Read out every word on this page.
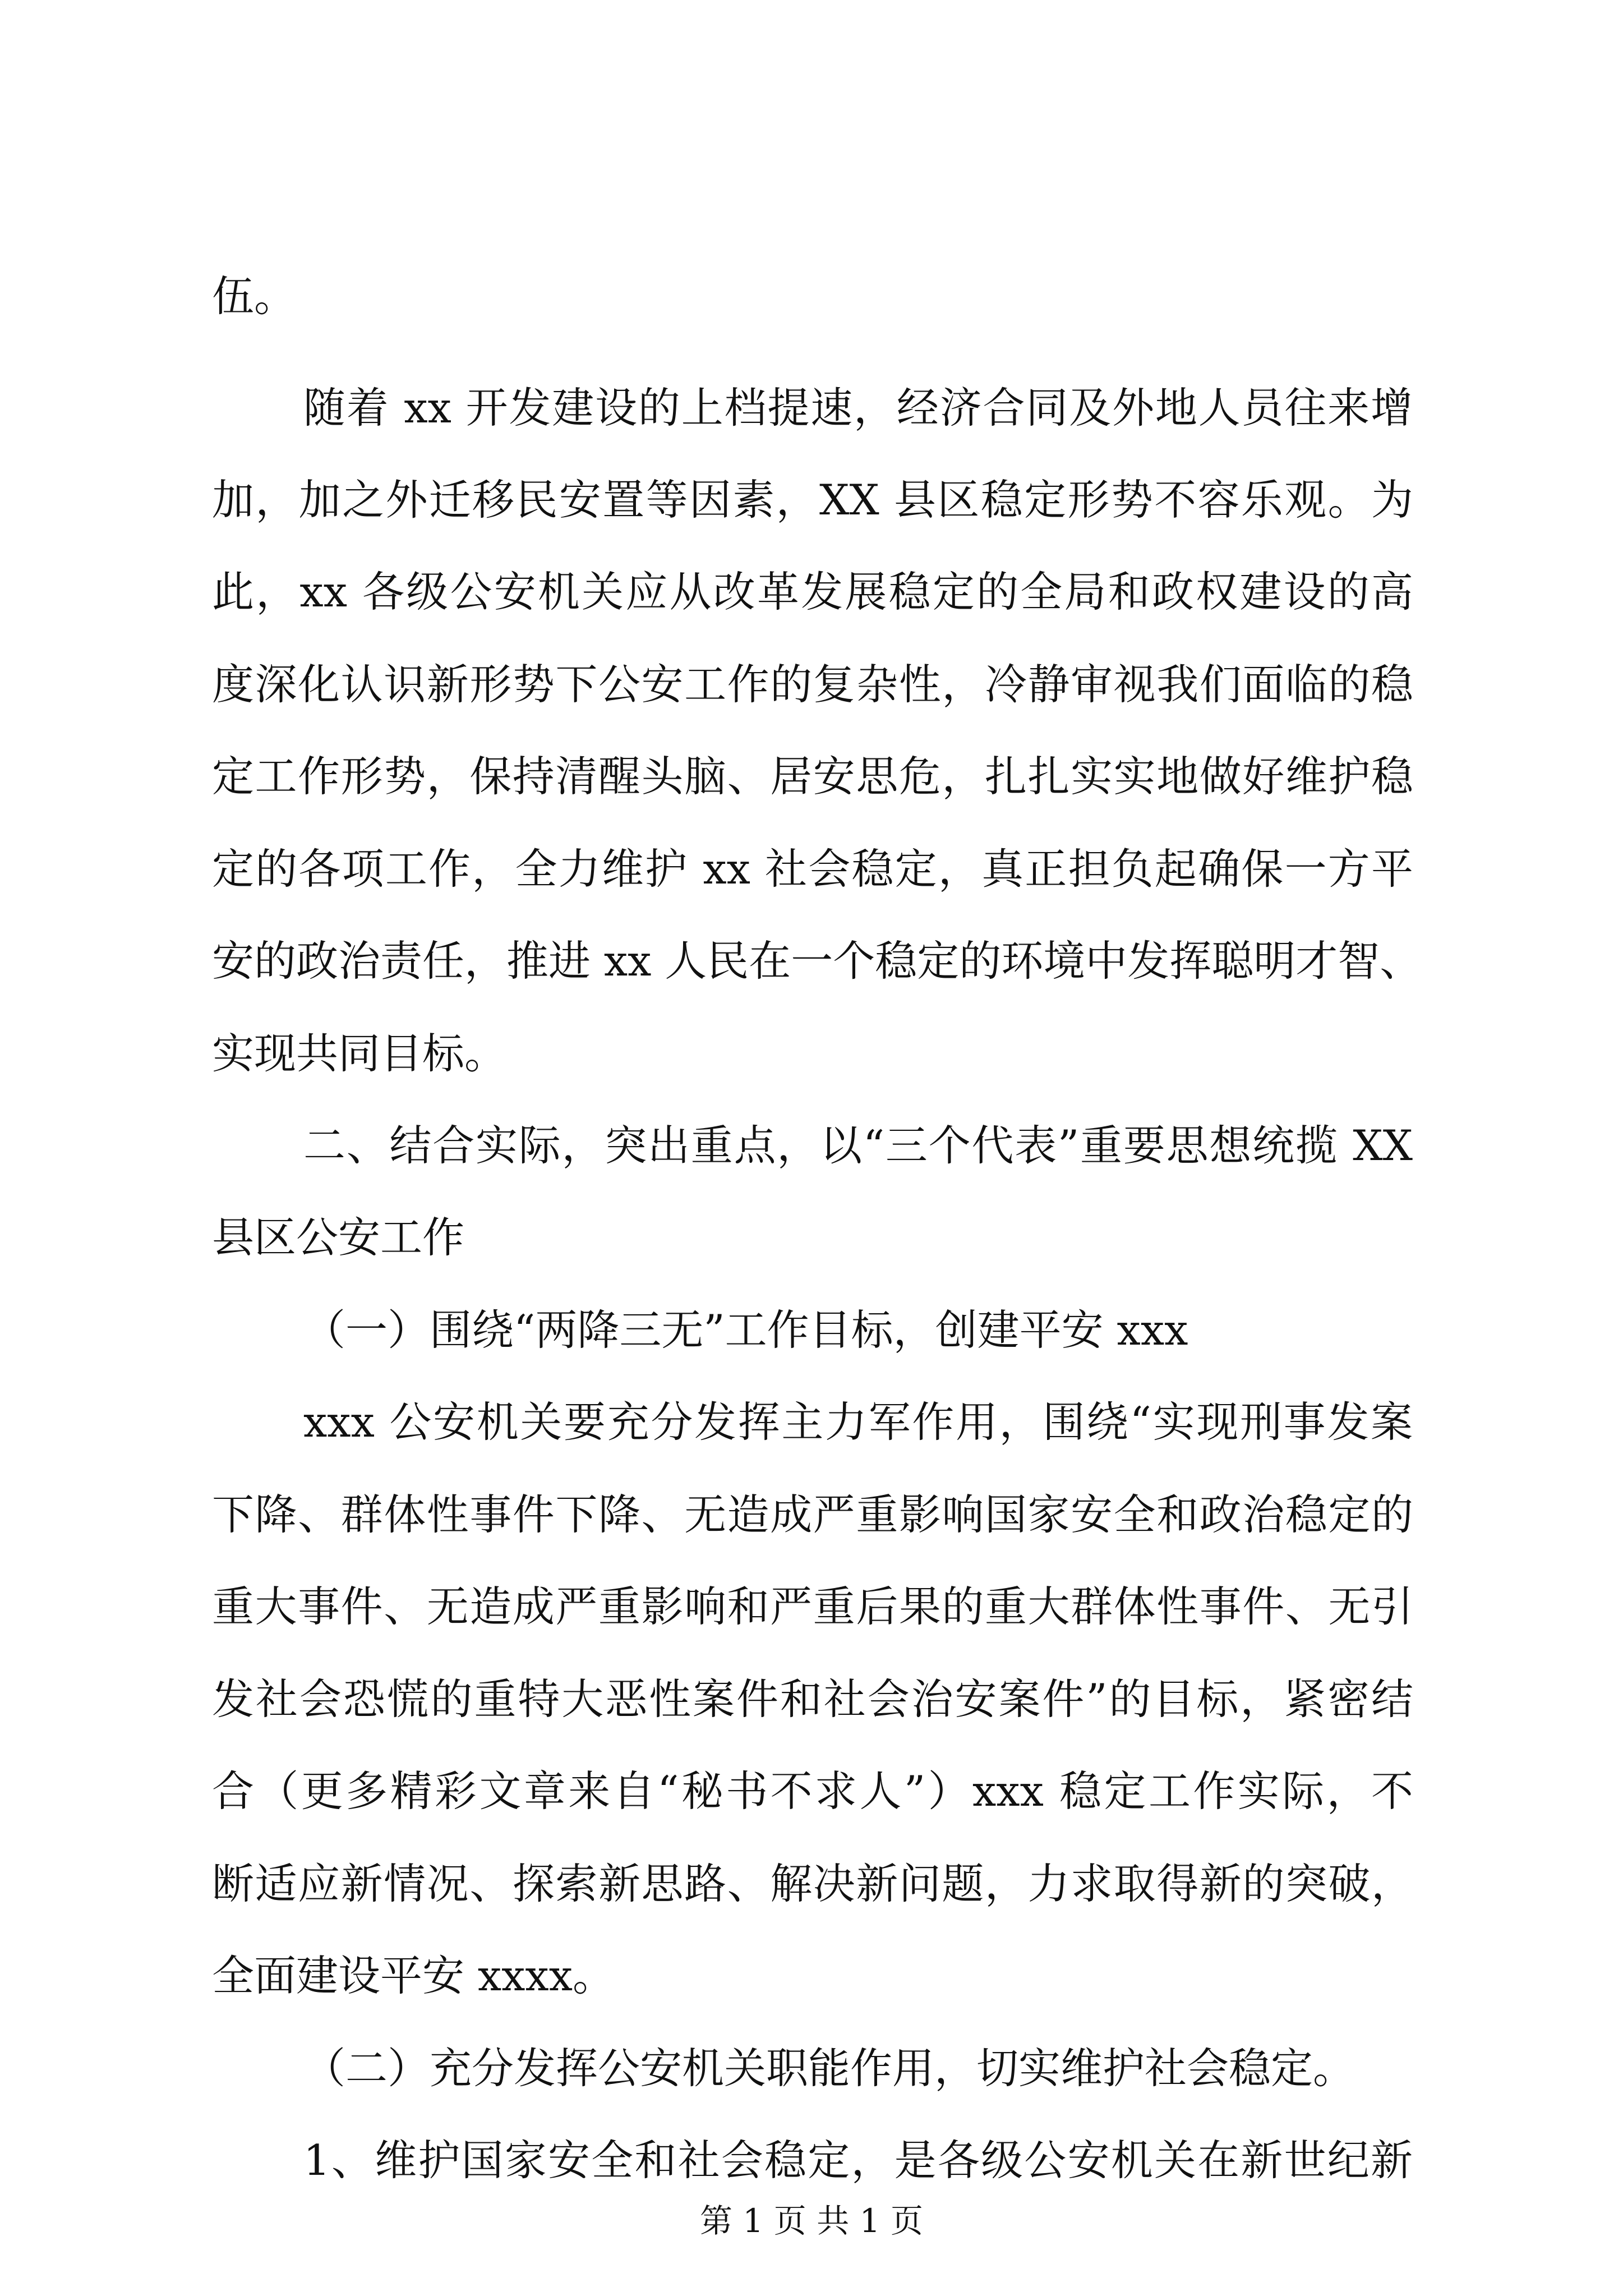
伍。

随着 xx 开发建设的上档提速，经济合同及外地人员往来增

加，加之外迁移民安置等因素，XX 县区稳定形势不容乐观。为

此，xx 各级公安机关应从改革发展稳定的全局和政权建设的高

度深化认识新形势下公安工作的复杂性，冷静审视我们面临的稳

定工作形势，保持清醒头脑、居安思危，扎扎实实地做好维护稳

定的各项工作，全力维护 xx 社会稳定，真正担负起确保一方平

安的政治责任，推进 xx 人民在一个稳定的环境中发挥聪明才智、

实现共同目标。

二、结合实际，突出重点，以“三个代表”重要思想统揽 XX

县区公安工作

（一）围绕“两降三无”工作目标，创建平安 xxx

xxx 公安机关要充分发挥主力军作用，围绕“实现刑事发案

下降、群体性事件下降、无造成严重影响国家安全和政治稳定的

重大事件、无造成严重影响和严重后果的重大群体性事件、无引

发社会恐慌的重特大恶性案件和社会治安案件”的目标，紧密结

合（更多精彩文章来自“秘书不求人”）xxx 稳定工作实际，不

断适应新情况、探索新思路、解决新问题，力求取得新的突破，

全面建设平安 xxxx。

（二）充分发挥公安机关职能作用，切实维护社会稳定。

1、维护国家安全和社会稳定，是各级公安机关在新世纪新

第 1 页 共 1 页
